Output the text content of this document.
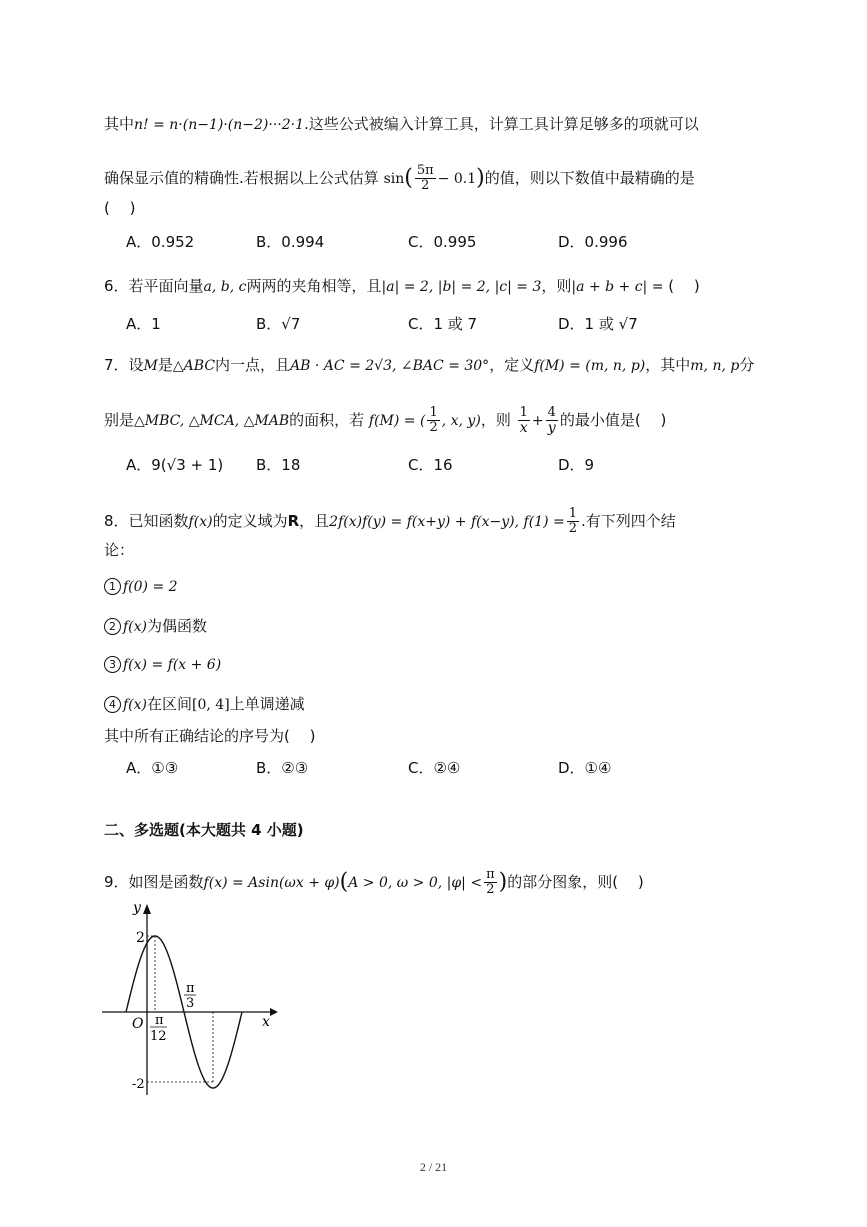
其中n! = n·(n−1)·(n−2)···2·1.这些公式被编入计算工具，计算工具计算足够多的项就可以
确保显示值的精确性.若根据以上公式估算 $\sin( \frac{5\pi}{2} - 0.1)$的值，则以下数值中最精确的是
(　 )
A．0.952	B．0.994	C．0.995	D．0.996
6．若平面向量a, b, c两两的夹角相等，且|a| = 2, |b| = 2, |c| = 3，则|a + b + c| = (　 )
A．1	B．√7	C．1 或 7	D．1 或 √7
7．设M是△ABC内一点，且AB · AC = 2√3, ∠BAC = 30°，定义f(M) = (m, n, p)，其中m, n, p分
别是△MBC, △MCA, △MAB的面积，若 f(M) = ( $\frac{1}{2}$ , x, y)，则 $\frac{1}{x} + \frac{4}{y}$ 的最小值是(　 )
A．9(√3 + 1) B．18	C．16	D．9
8．已知函数f(x)的定义域为R，且2f(x)f(y) = f(x+y) + f(x−y), $f(1) = \frac{1}{2}$ .有下列四个结
论：
1 f(0) = 2
2 f(x)为偶函数
3 f(x) = f(x + 6)
4 f(x)在区间[0, 4]上单调递减
其中所有正确结论的序号为(　 )
A．①③	B．②③	C．②④	D．①④
二、多选题(本大题共 4 小题)
9．如图是函数f(x) = Asin(ωx + φ)(A > 0, ω > 0, $|\varphi| < \frac{\pi}{2}$ )的部分图象，则(　 )
y
x
O
2
-2
π
3
π
12
2 / 21
